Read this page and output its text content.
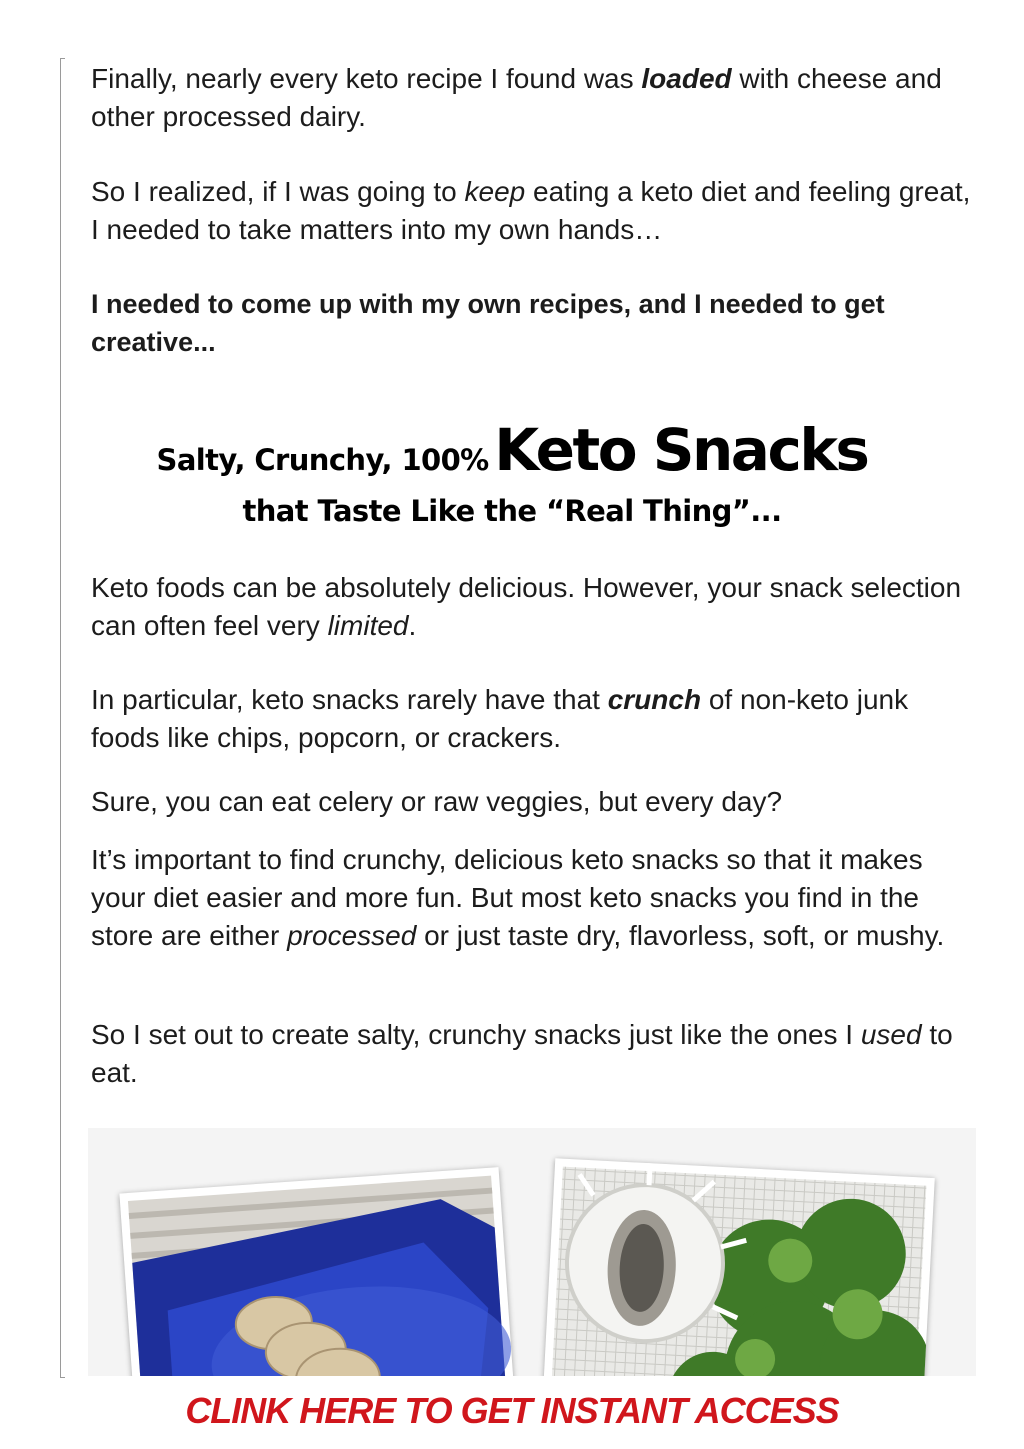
Finally, nearly every keto recipe I found was loaded with cheese and other processed dairy.

So I realized, if I was going to keep eating a keto diet and feeling great, I needed to take matters into my own hands…

I needed to come up with my own recipes, and I needed to get creative...

Salty, Crunchy, 100% Keto Snacks
that Taste Like the “Real Thing”...

Keto foods can be absolutely delicious. However, your snack selection can often feel very limited.

In particular, keto snacks rarely have that crunch of non-keto junk foods like chips, popcorn, or crackers.

Sure, you can eat celery or raw veggies, but every day?

It’s important to find crunchy, delicious keto snacks so that it makes your diet easier and more fun. But most keto snacks you find in the store are either processed or just taste dry, flavorless, soft, or mushy.

So I set out to create salty, crunchy snacks just like the ones I used to eat.

CLINK HERE TO GET INSTANT ACCESS
